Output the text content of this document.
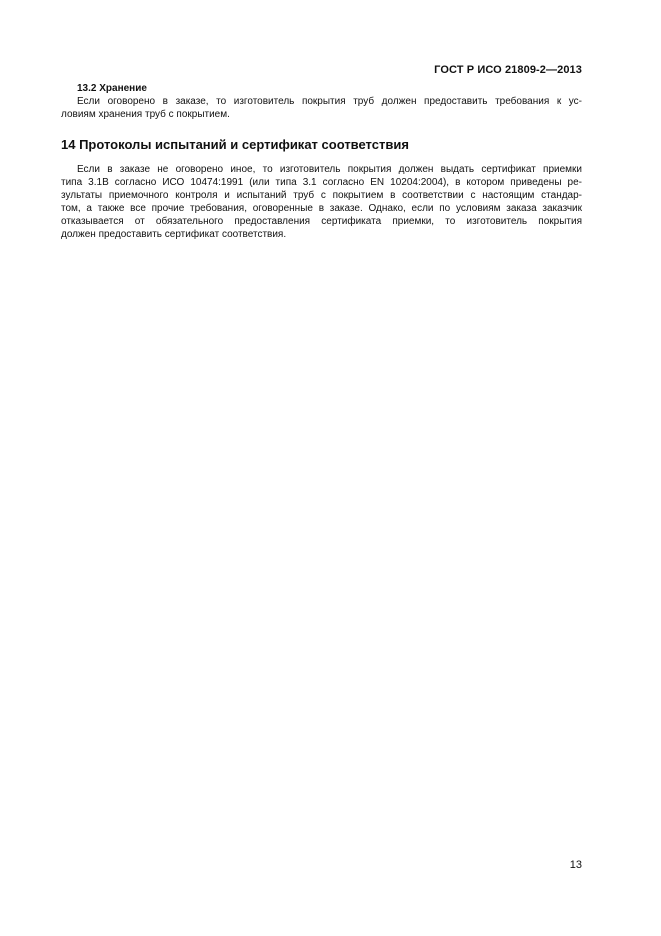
ГОСТ Р ИСО 21809-2—2013
13.2 Хранение
Если оговорено в заказе, то изготовитель покрытия труб должен предоставить требования к ус-
ловиям хранения труб с покрытием.
14 Протоколы испытаний и сертификат соответствия
Если в заказе не оговорено иное, то изготовитель покрытия должен выдать сертификат приемки
типа 3.1B согласно ИСО 10474:1991 (или типа 3.1 согласно EN 10204:2004), в котором приведены ре-
зультаты приемочного контроля и испытаний труб с покрытием в соответствии с настоящим стандар-
том, а также все прочие требования, оговоренные в заказе. Однако, если по условиям заказа заказчик
отказывается от обязательного предоставления сертификата приемки, то изготовитель покрытия
должен предоставить сертификат соответствия.
13
